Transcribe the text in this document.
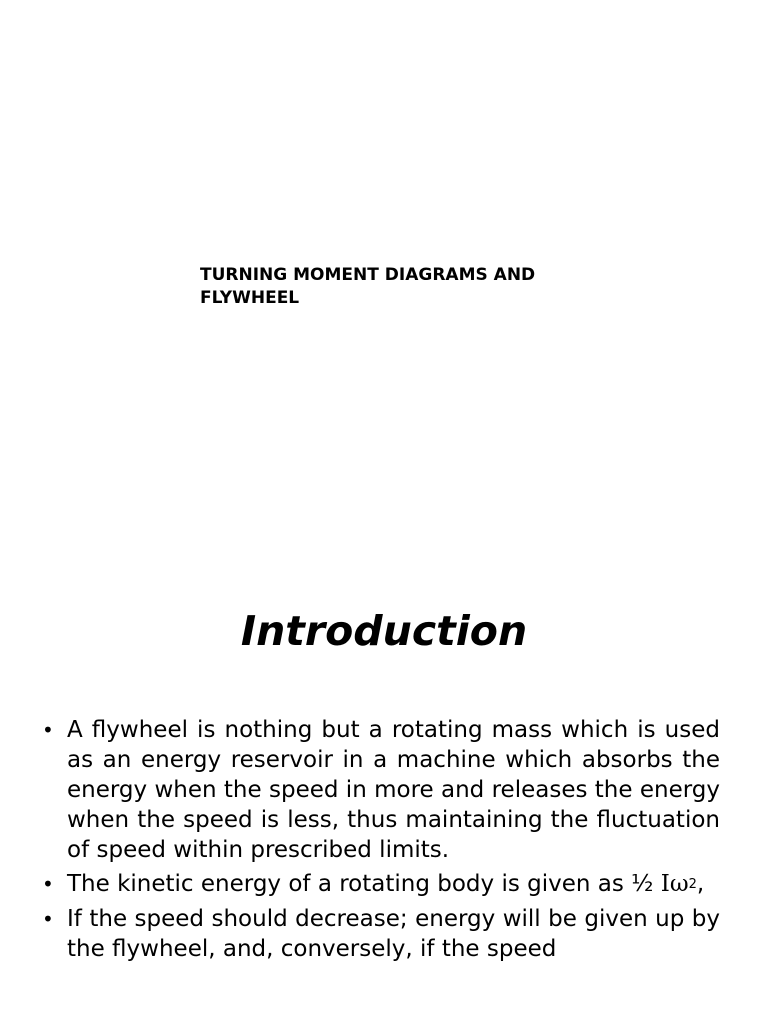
TURNING MOMENT DIAGRAMS AND FLYWHEEL
Introduction
• A flywheel is nothing but a rotating mass which is used as an energy reservoir in a machine which absorbs the energy when the speed in more and releases the energy when the speed is less, thus maintaining the fluctuation of speed within prescribed limits.
• The kinetic energy of a rotating body is given as ½ $I\omega^2$,
• If the speed should decrease; energy will be given up by the flywheel, and, conversely, if the speed
